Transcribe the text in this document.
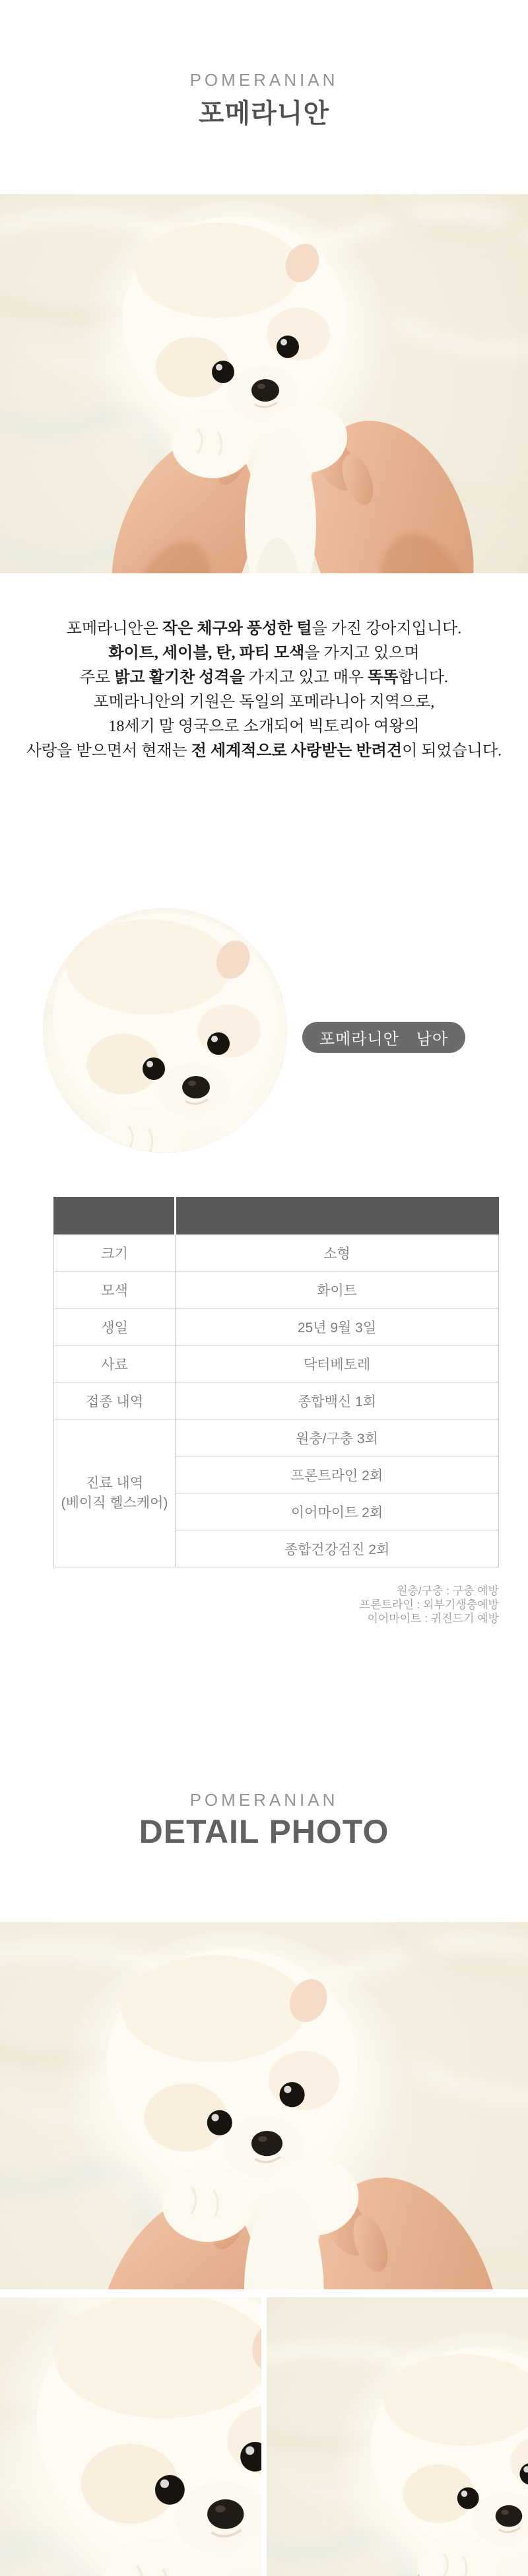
POMERANIAN
포메라니안
포메라니안은 작은 체구와 풍성한 털을 가진 강아지입니다.
화이트, 세이블, 탄, 파티 모색을 가지고 있으며
주로 밝고 활기찬 성격을 가지고 있고 매우 똑똑합니다.
포메라니안의 기원은 독일의 포메라니아 지역으로,
18세기 말 영국으로 소개되어 빅토리아 여왕의
사랑을 받으면서 현재는 전 세계적으로 사랑받는 반려견이 되었습니다.
포메라니안 남아

크기	소형
모색	화이트
생일	25년 9월 3일
사료	닥터베토레
접종 내역	종합백신 1회

진료 내역
(베이직 헬스케어)	원충/구충 3회
	프론트라인 2회
	이어마이트 2회
	종합건강검진 2회
원충/구충 : 구충 예방
프론트라인 : 외부기생충예방
이어마이트 : 귀진드기 예방
POMERANIAN
DETAIL PHOTO
